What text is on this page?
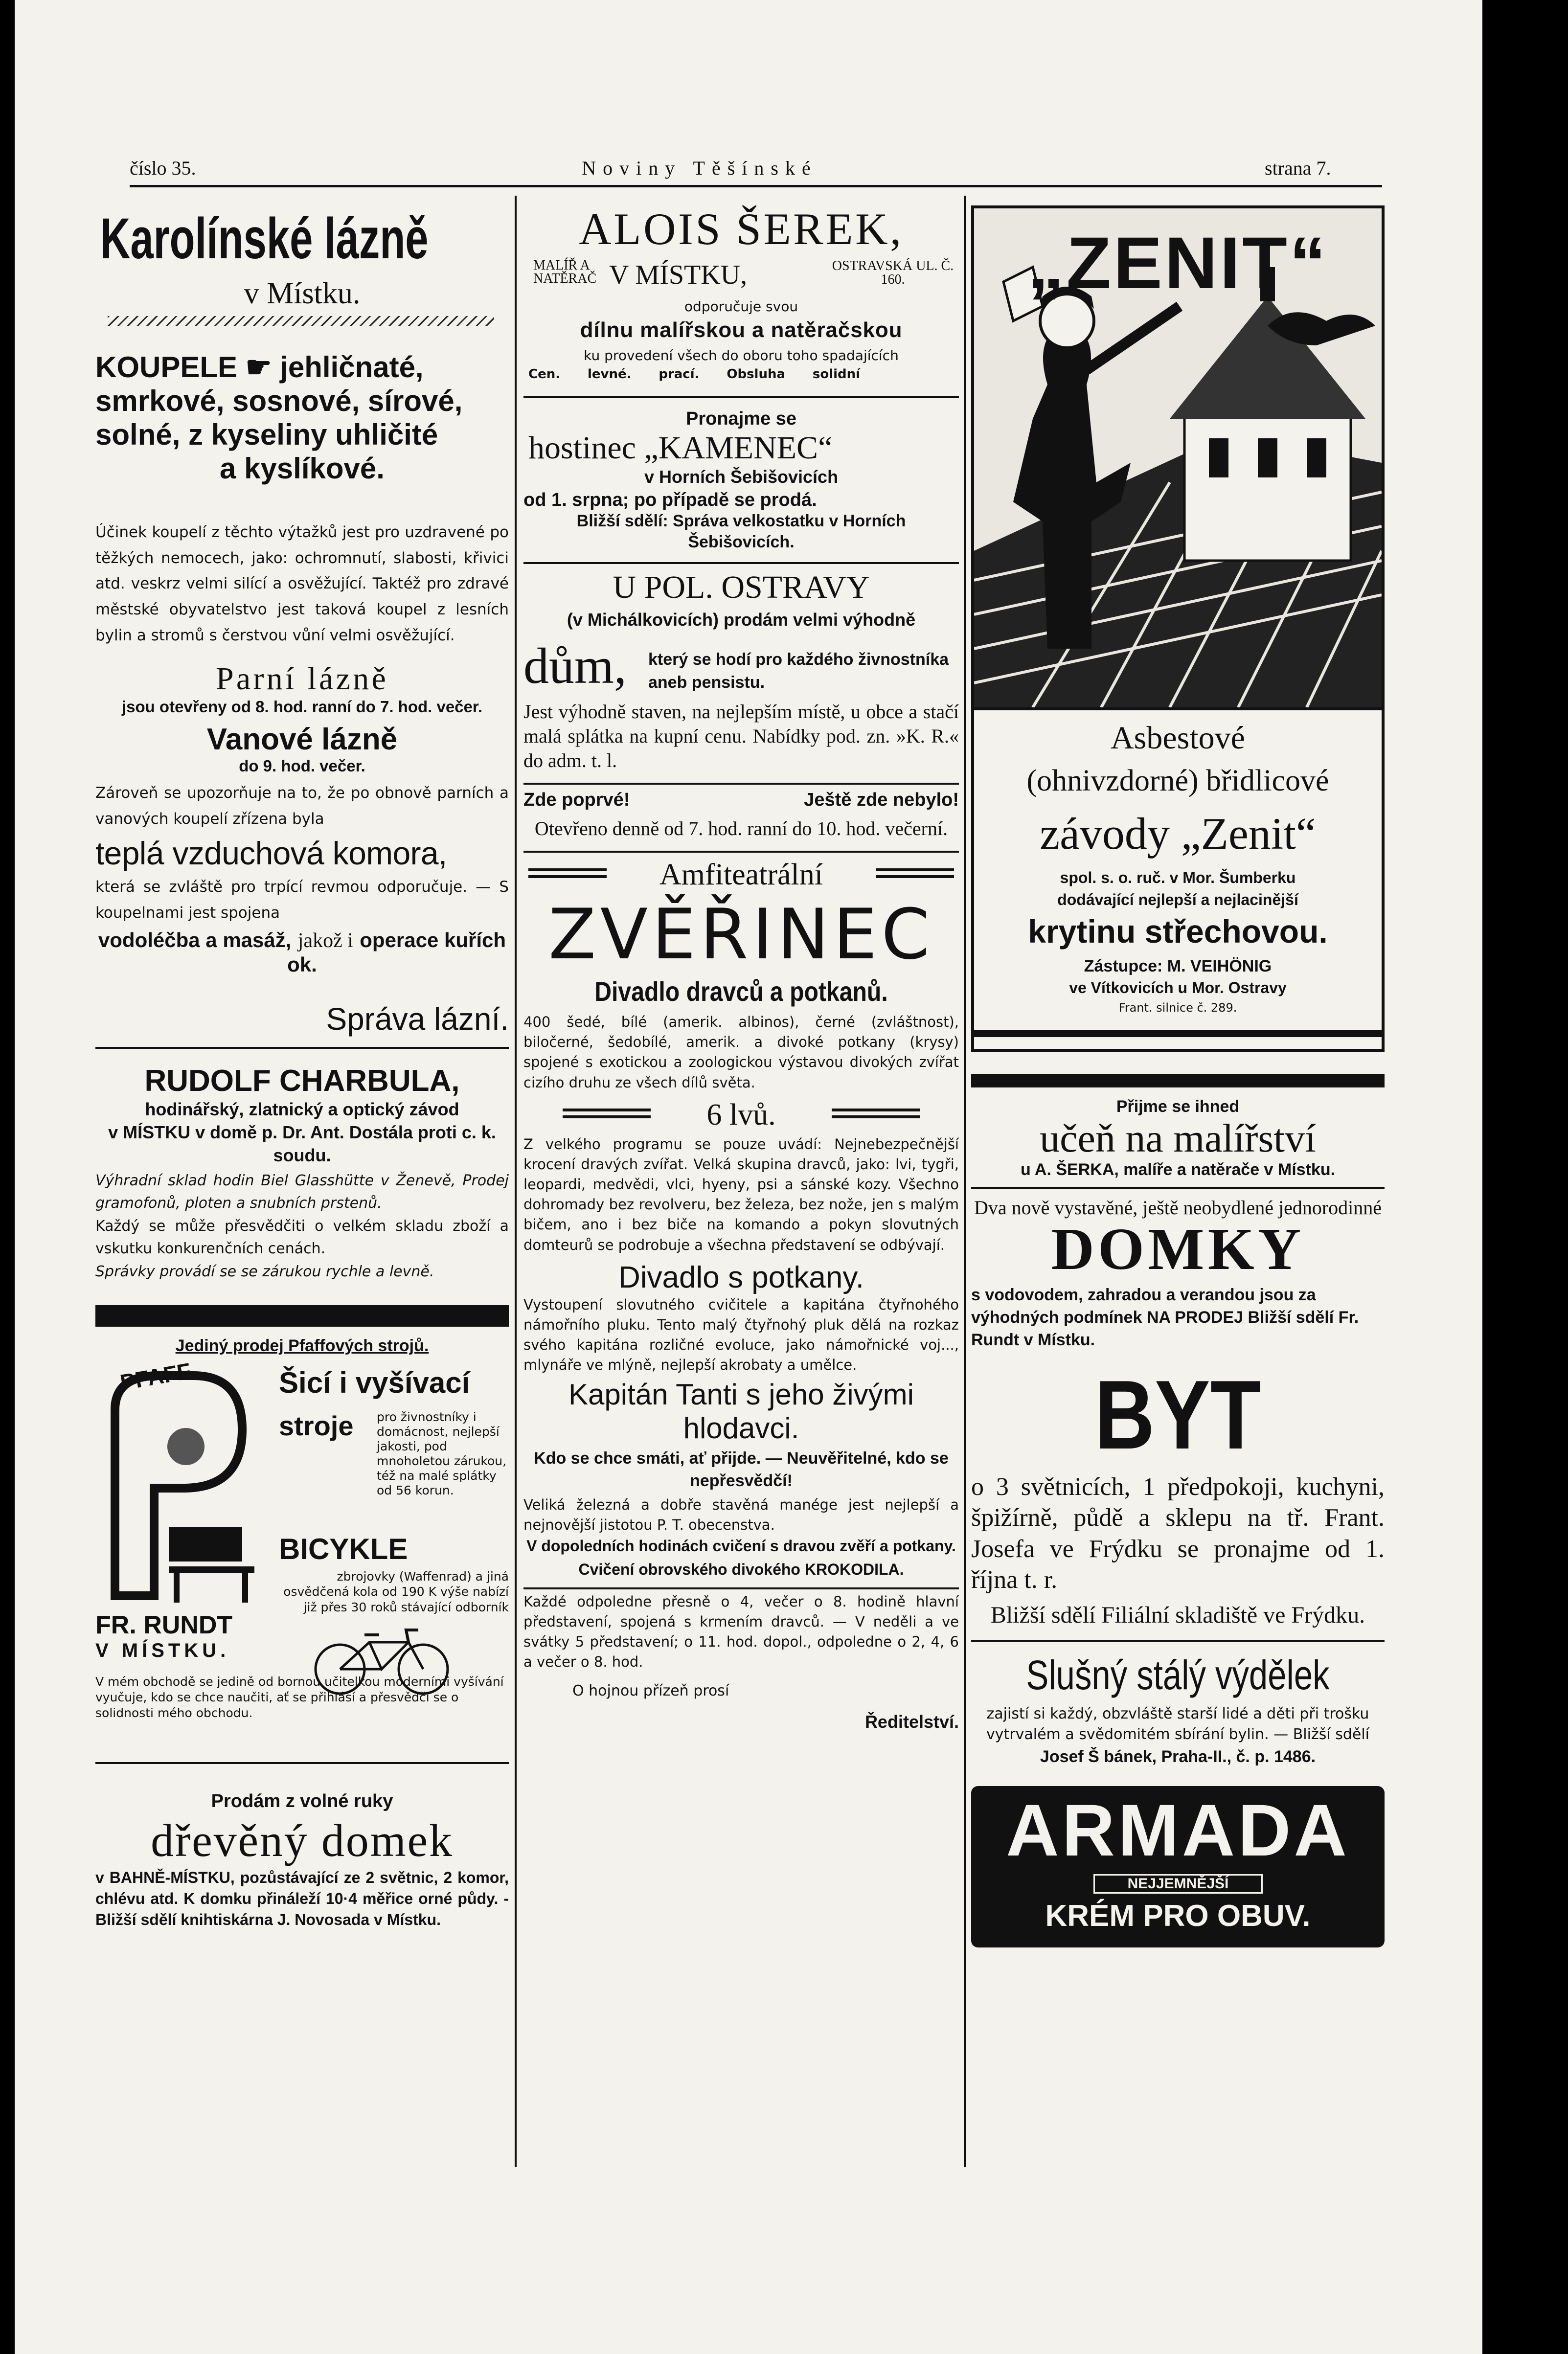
číslo 35.	Noviny Těšínské	strana 7.
Karolínské lázně
v Místku.
KOUPELE ☛ jehličnaté,
smrkové, sosnové, sírové,
solné, z kyseliny uhličité
a kyslíkové.
Účinek koupelí z těchto výtažků jest pro uzdravené po těžkých nemocech, jako: ochromnutí, slabosti, křivici atd. veskrz velmi silící a osvěžující. Taktéž pro zdravé městské obyvatelstvo jest taková koupel z lesních bylin a stromů s čerstvou vůní velmi osvěžující.
Parní lázně
jsou otevřeny od 8. hod. ranní do 7. hod. večer.
Vanové lázně
do 9. hod. večer.
Zároveň se upozorňuje na to, že po obnově parních a vanových koupelí zřízena byla
teplá vzduchová komora,
která se zvláště pro trpící revmou odporučuje. — S koupelnami jest spojena
vodoléčba a masáž, jakož i operace kuřích ok.
Správa lázní.
RUDOLF CHARBULA,
hodinářský, zlatnický a optický závod
v MÍSTKU v domě p. Dr. Ant. Dostála proti c. k. soudu.
Výhradní sklad hodin Biel Glasshütte v Ženevě, Prodej gramofonů, ploten a snubních prstenů.
Každý se může přesvědčiti o velkém skladu zboží a vskutku konkurenčních cenách.
Správky provádí se se zárukou rychle a levně.
Jediný prodej Pfaffových strojů.
PFAFF	Šicí i vyšívací
stroje pro živnostníky i domácnost, nejlepší jakosti, pod mnoholetou zárukou, též na malé splátky od 56 korun.
BICYKLE
zbrojovky (Waffenrad) a jiná osvědčená kola od 190 K výše nabízí již přes 30 roků stávající odborník
FR. RUNDT
V MÍSTKU.
V mém obchodě se jedině od bornou učitelkou moderními vyšívání vyučuje, kdo se chce naučiti, ať se přihlásí a přesvědčí se o solidnosti mého obchodu.
Prodám z volné ruky
dřevěný domek
v BAHNĚ-MÍSTKU, pozůstávající ze 2 světnic, 2 komor, chlévu atd. K domku přináleží 10·4 měřice orné půdy. - Bližší sdělí knihtiskárna J. Novosada v Místku.
ALOIS ŠEREK,
MALÍŘ A NATĚRAČ V MÍSTKU,	OSTRAVSKÁ UL. Č. 160.
odporučuje svou
dílnu malířskou a natěračskou
ku provedení všech do oboru toho spadajících
Cen. levné. prací. Obsluha solidní
Pronajme se
hostinec „KAMENEC“
v Horních Šebišovicích
od 1. srpna; po případě se prodá.
Bližší sdělí: Správa velkostatku v Horních Šebišovicích.
U POL. OSTRAVY
(v Michálkovicích) prodám velmi výhodně
dům, který se hodí pro každého živnostníka aneb pensistu.
Jest výhodně staven, na nejlepším místě, u obce a stačí malá splátka na kupní cenu. Nabídky pod. zn. »K. R.« do adm. t. l.
Zde poprvé!	Ještě zde nebylo!
Otevřeno denně od 7. hod. ranní do 10. hod. večerní.
Amfiteatrální
ZVĚŘINEC
Divadlo dravců a potkanů.
400 šedé, bílé (amerik. albinos), černé (zvláštnost), biločerné, šedobílé, amerik. a divoké potkany (krysy) spojené s exotickou a zoologickou výstavou divokých zvířat cizího druhu ze všech dílů světa.
6 lvů.
Z velkého programu se pouze uvádí: Nejnebezpečnější krocení dravých zvířat. Velká skupina dravců, jako: lvi, tygři, leopardi, medvědi, vlci, hyeny, psi a sánské kozy. Všechno dohromady bez revolveru, bez železa, bez nože, jen s malým bičem, ano i bez biče na komando a pokyn slovutných domteurů se podrobuje a všechna představení se odbývají.
Divadlo s potkany.
Vystoupení slovutného cvičitele a kapitána čtyřnohého námořního pluku. Tento malý čtyřnohý pluk dělá na rozkaz svého kapitána rozličné evoluce, jako námořnické voj..., mlynáře ve mlýně, nejlepší akrobaty a umělce.
Kapitán Tanti s jeho živými hlodavci.
Kdo se chce smáti, ať přijde. — Neuvěřitelné, kdo se nepřesvědčí!
Veliká železná a dobře stavěná manége jest nejlepší a nejnovější jistotou P. T. obecenstva.
V dopoledních hodinách cvičení s dravou zvěří a potkany.
Cvičení obrovského divokého KROKODILA.
Každé odpoledne přesně o 4, večer o 8. hodině hlavní představení, spojená s krmením dravců. — V neděli a ve svátky 5 představení; o 11. hod. dopol., odpoledne o 2, 4, 6 a večer o 8. hod.
O hojnou přízeň prosí
Ředitelství.
„ZENIT“
Asbestové
(ohnivzdorné) břidlicové
závody „Zenit“
spol. s. o. ruč. v Mor. Šumberku
dodávající nejlepší a nejlacinější
krytinu střechovou.
Zástupce: M. VEIHÖNIG
ve Vítkovicích u Mor. Ostravy
Frant. silnice č. 289.
Přijme se ihned
učeň na malířství
u A. ŠERKA, malíře a natěrače v Místku.
Dva nově vystavěné, ještě neobydlené jednorodinné
DOMKY
s vodovodem, zahradou a verandou jsou za výhodných podmínek NA PRODEJ Bližší sdělí Fr. Rundt v Místku.
BYT
o 3 světnicích, 1 předpokoji, kuchyni, špižírně, půdě a sklepu na tř. Frant. Josefa ve Frýdku se pronajme od 1. října t. r.
Bližší sdělí Filiální skladiště ve Frýdku.
Slušný stálý výdělek
zajistí si každý, obzvláště starší lidé a děti při trošku vytrvalém a svědomitém sbírání bylin. — Bližší sdělí
Josef Š bánek, Praha-II., č. p. 1486.
ARMADA
NEJJEMNĚJŠÍ
KRÉM PRO OBUV.
